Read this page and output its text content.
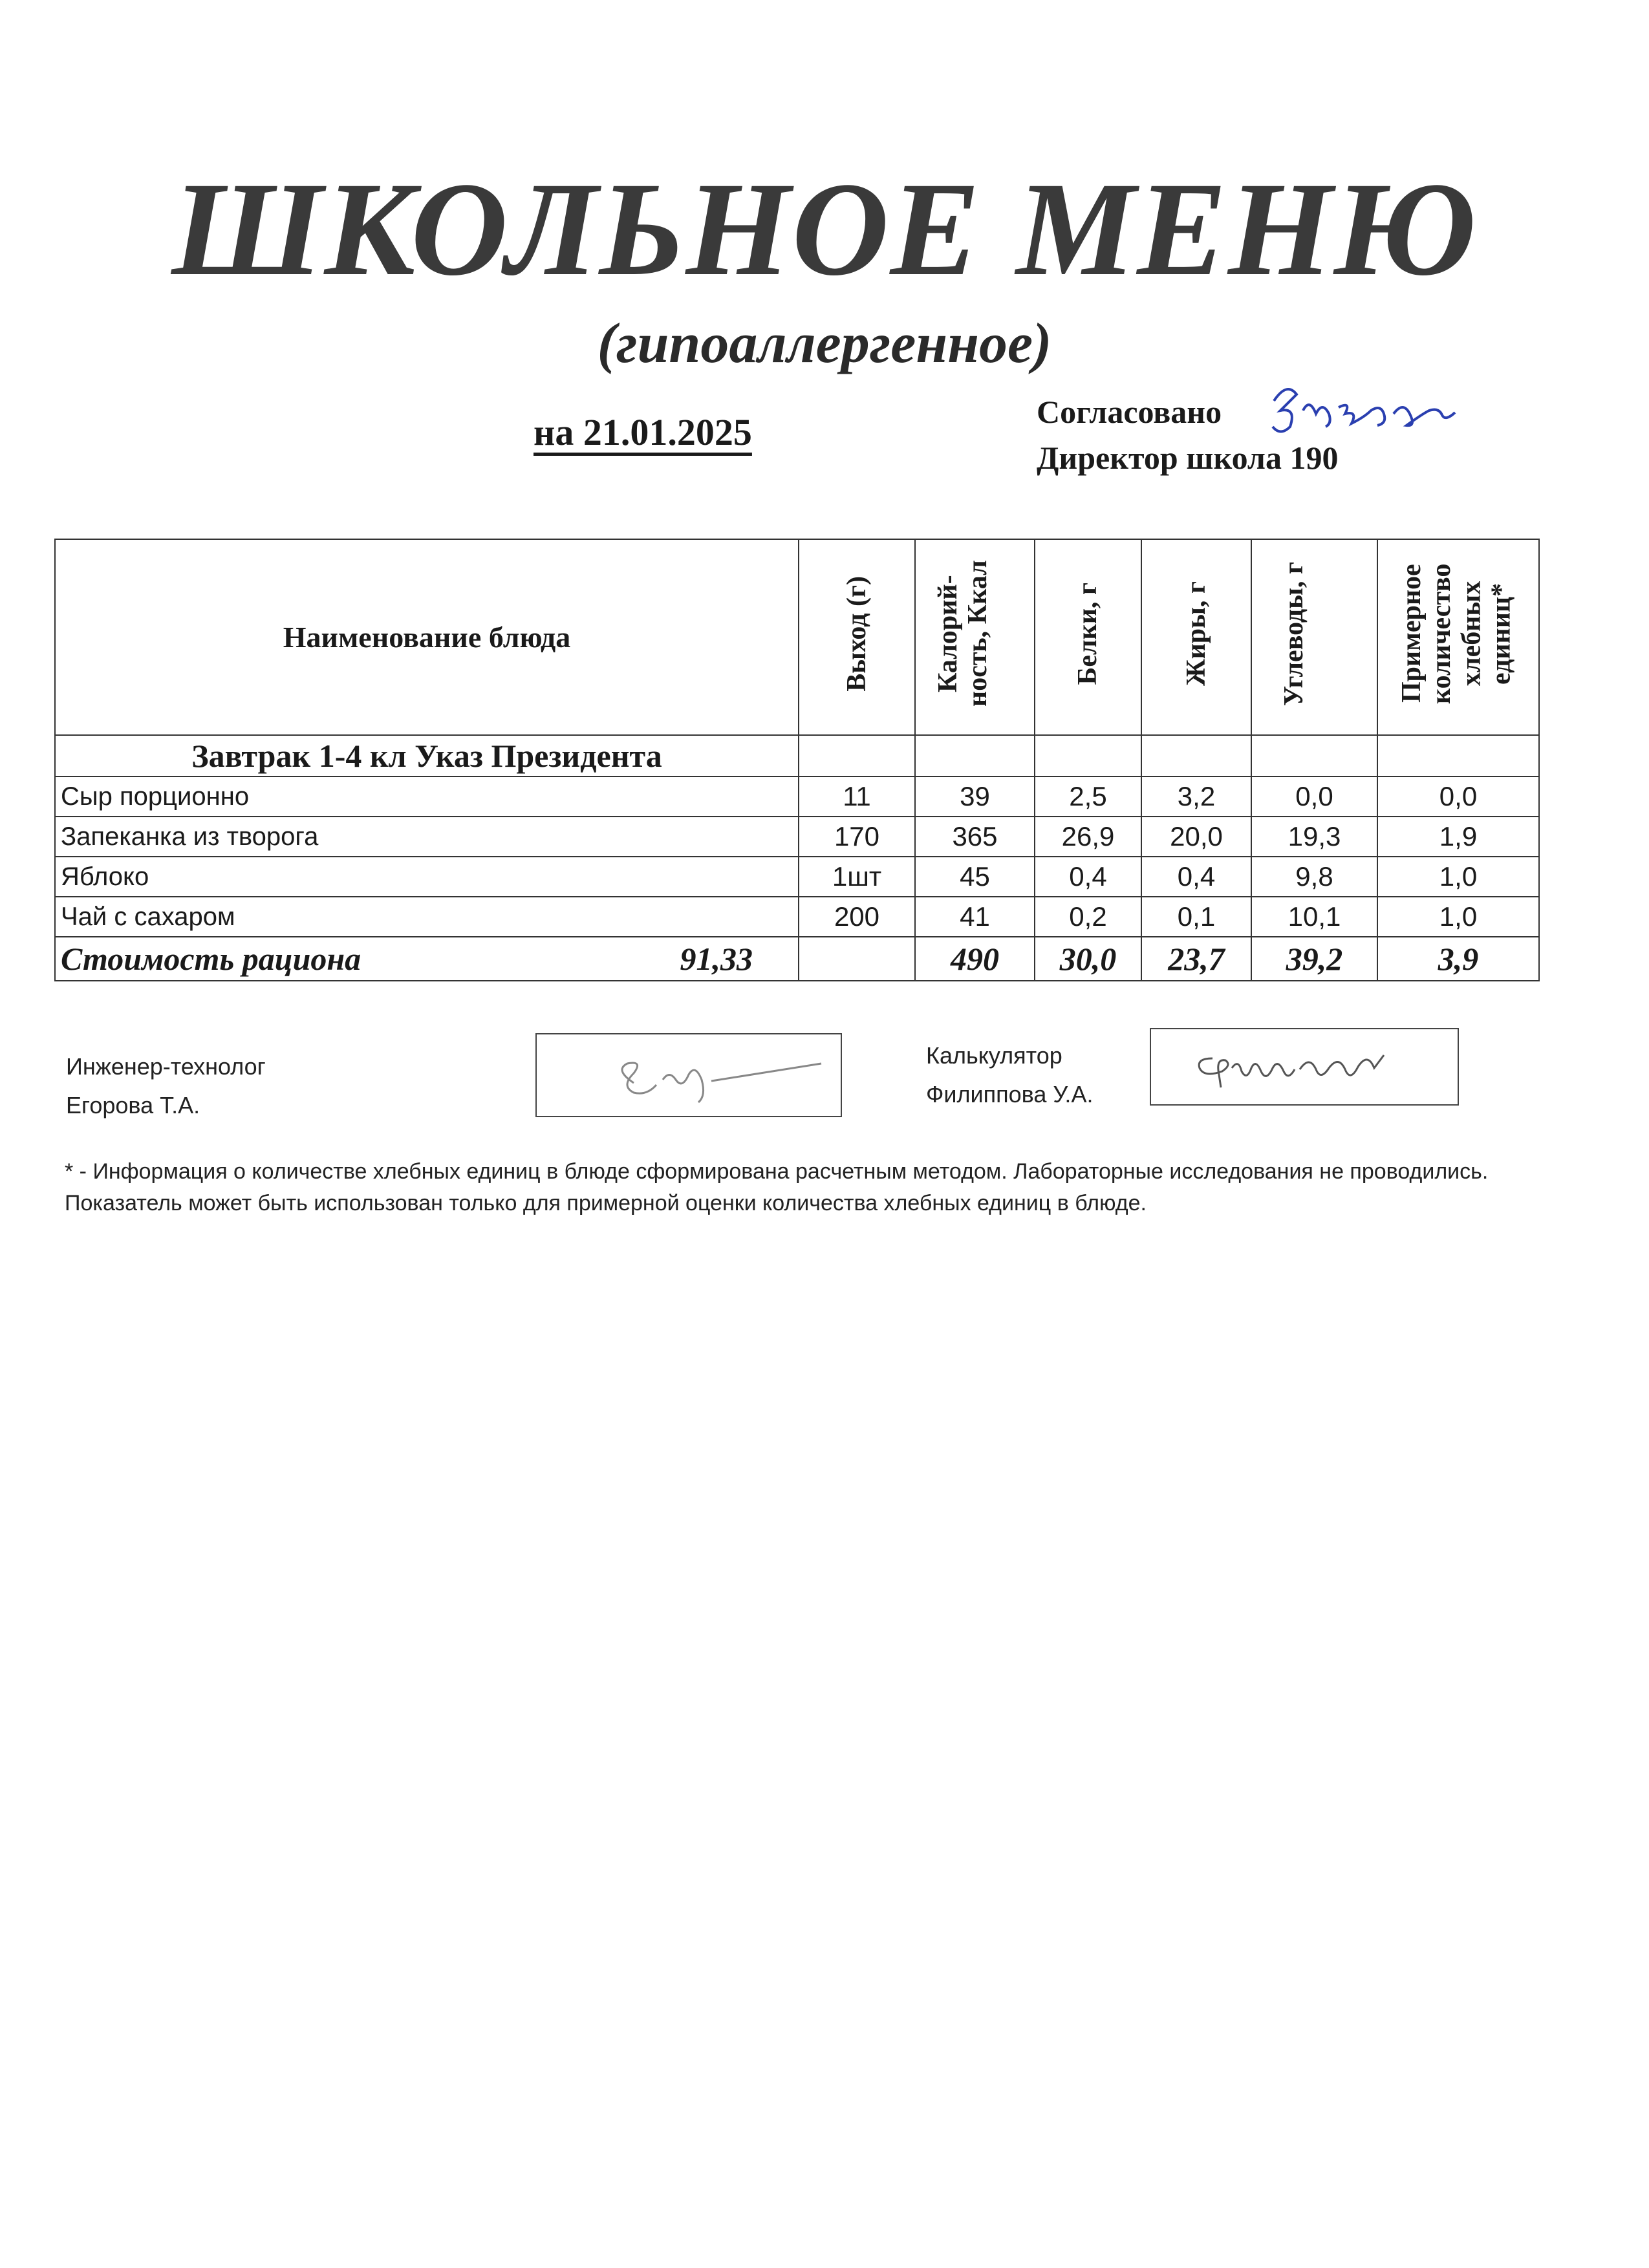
ШКОЛЬНОЕ МЕНЮ
(гипоаллергенное)
на 21.01.2025	Согласовано
Директор школа 190
Наименование блюда	Выход (г)	Калорий-ность, Ккал	Белки, г	Жиры, г	Углеводы, г	Примерное количество хлебных единиц*
Завтрак 1-4 кл Указ Президента						
Сыр порционно	11	39	2,5	3,2	0,0	0,0
Запеканка из творога	170	365	26,9	20,0	19,3	1,9
Яблоко	1шт	45	0,4	0,4	9,8	1,0
Чай с сахаром	200	41	0,2	0,1	10,1	1,0
Стоимость рациона 91,33		490	30,0	23,7	39,2	3,9
Инженер-технолог
Егорова Т.А.
Калькулятор
Филиппова У.А.
* - Информация о количестве хлебных единиц в блюде сформирована расчетным методом. Лабораторные исследования не проводились. Показатель может быть использован только для примерной оценки количества хлебных единиц в блюде.
